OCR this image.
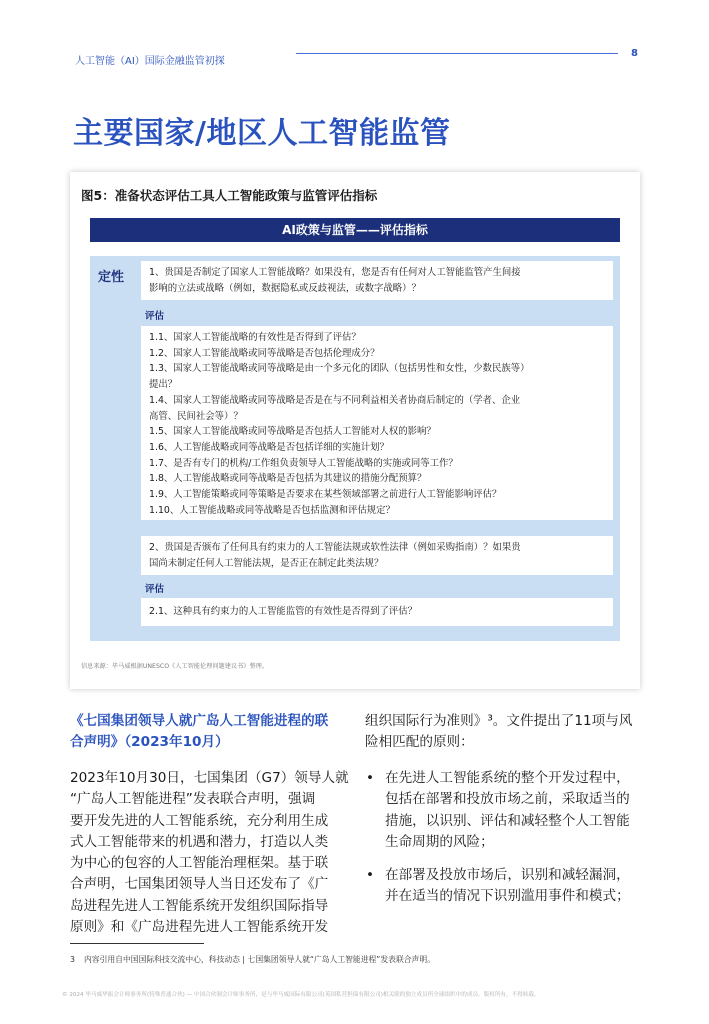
人工智能（AI）国际金融监管初探
8
主要国家/地区人工智能监管
图5：准备状态评估工具人工智能政策与监管评估指标
AI政策与监管——评估指标
定性	1、贵国是否制定了国家人工智能战略？如果没有，您是否有任何对人工智能监管产生间接

影响的立法或战略（例如，数据隐私或反歧视法，或数字战略）？

评估

1.1、国家人工智能战略的有效性是否得到了评估？

1.2、国家人工智能战略或同等战略是否包括伦理成分？

1.3、国家人工智能战略或同等战略是由一个多元化的团队（包括男性和女性，少数民族等）

提出？

1.4、国家人工智能战略或同等战略是否是在与不同利益相关者协商后制定的（学者、企业

高管、民间社会等）？

1.5、国家人工智能战略或同等战略是否包括人工智能对人权的影响？

1.6、人工智能战略或同等战略是否包括详细的实施计划？

1.7、是否有专门的机构/工作组负责领导人工智能战略的实施或同等工作？

1.8、人工智能战略或同等战略是否包括为其建议的措施分配预算？

1.9、人工智能策略或同等策略是否要求在某些领域部署之前进行人工智能影响评估？

1.10、人工智能战略或同等战略是否包括监测和评估规定？

2、贵国是否颁布了任何具有约束力的人工智能法规或软性法律（例如采购指南）？如果贵

国尚未制定任何人工智能法规，是否正在制定此类法规？

评估

2.1、这种具有约束力的人工智能监管的有效性是否得到了评估？

信息来源：毕马威根据UNESCO《人工智能伦理问题建议书》整理。

《七国集团领导人就广岛人工智能进程的联

合声明》（2023年10月）

2023年10月30日，七国集团（G7）领导人就

“广岛人工智能进程”发表联合声明，强调

要开发先进的人工智能系统，充分利用生成

式人工智能带来的机遇和潜力，打造以人类

为中心的包容的人工智能治理框架。基于联

合声明，七国集团领导人当日还发布了《广

岛进程先进人工智能系统开发组织国际指导

原则》和《广岛进程先进人工智能系统开发

组织国际行为准则》³。文件提出了11项与风

险相匹配的原则：

• 在先进人工智能系统的整个开发过程中，

包括在部署和投放市场之前，采取适当的

措施，以识别、评估和减轻整个人工智能

生命周期的风险；

• 在部署及投放市场后，识别和减轻漏洞，

并在适当的情况下识别滥用事件和模式；

3 内容引用自中国国际科技交流中心，科技动态 | 七国集团领导人就“广岛人工智能进程”发表联合声明。
© 2024 毕马威华振会计师事务所(特殊普通合伙) — 中国合伙制会计师事务所，是与毕马威国际有限公司(英国私营担保有限公司)相关联的独立成员所全球组织中的成员。版权所有，不得转载。
